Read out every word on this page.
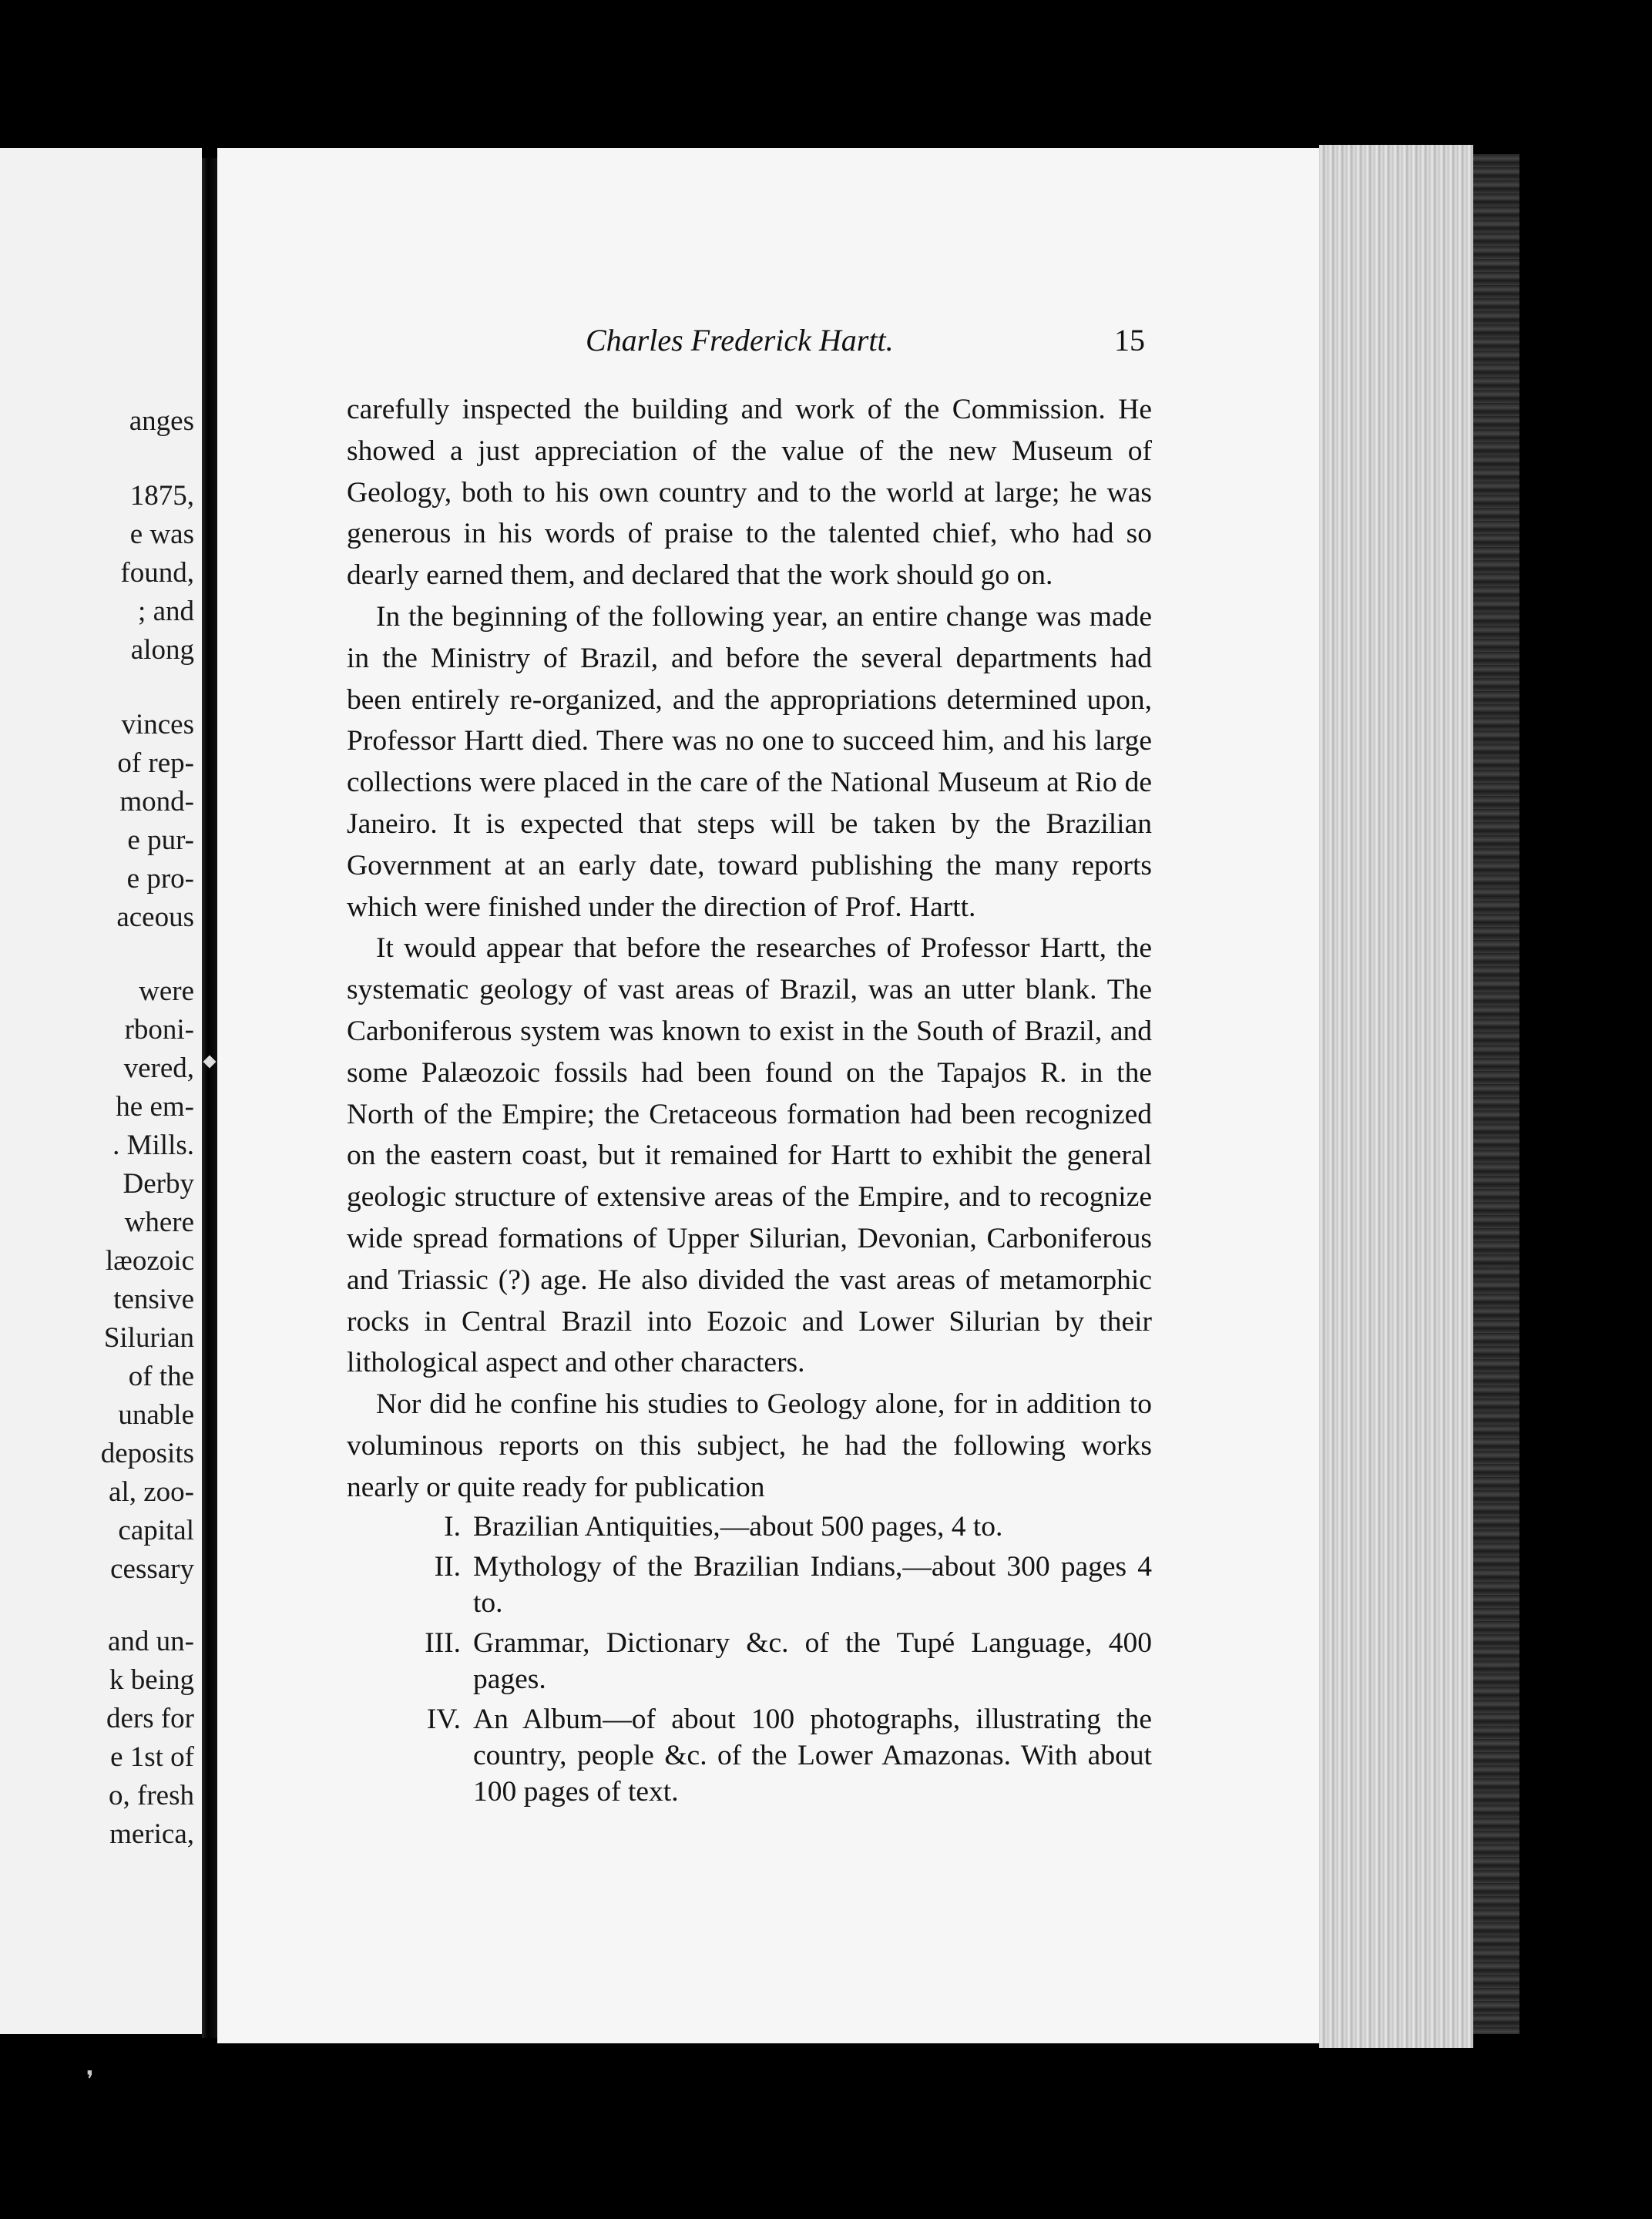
anges
1875,
e was
found,
; and
along
vinces
of rep-
mond-
e pur-
e pro-
aceous
were
rboni-
vered,
he em-
. Mills.
Derby
where
læozoic
tensive
Silurian
of the
unable
deposits
al, zoo-
capital
cessary
and un-
k being
ders for
e 1st of
o, fresh
merica,
❜
Charles Frederick Hartt.	15

carefully inspected the building and work of the Commission. He showed a just appreciation of the value of the new Museum of Geology, both to his own country and to the world at large; he was generous in his words of praise to the talented chief, who had so dearly earned them, and declared that the work should go on.

In the beginning of the following year, an entire change was made in the Ministry of Brazil, and before the several departments had been entirely re-organized, and the appropriations determined upon, Professor Hartt died. There was no one to succeed him, and his large collections were placed in the care of the National Museum at Rio de Janeiro. It is expected that steps will be taken by the Brazilian Government at an early date, toward publishing the many reports which were finished under the direction of Prof. Hartt.

It would appear that before the researches of Professor Hartt, the systematic geology of vast areas of Brazil, was an utter blank. The Carboniferous system was known to exist in the South of Brazil, and some Palæozoic fossils had been found on the Tapajos R. in the North of the Empire; the Cretaceous formation had been recognized on the eastern coast, but it remained for Hartt to exhibit the general geologic structure of extensive areas of the Empire, and to recognize wide spread formations of Upper Silurian, Devonian, Carboniferous and Triassic (?) age. He also divided the vast areas of metamorphic rocks in Central Brazil into Eozoic and Lower Silurian by their lithological aspect and other characters.

Nor did he confine his studies to Geology alone, for in addition to voluminous reports on this subject, he had the following works nearly or quite ready for publication

I. Brazilian Antiquities,—about 500 pages, 4 to.
II. Mythology of the Brazilian Indians,—about 300 pages 4 to.
III. Grammar, Dictionary &c. of the Tupé Language, 400 pages.
IV. An Album—of about 100 photographs, illustrating the country, people &c. of the Lower Amazonas. With about 100 pages of text.
